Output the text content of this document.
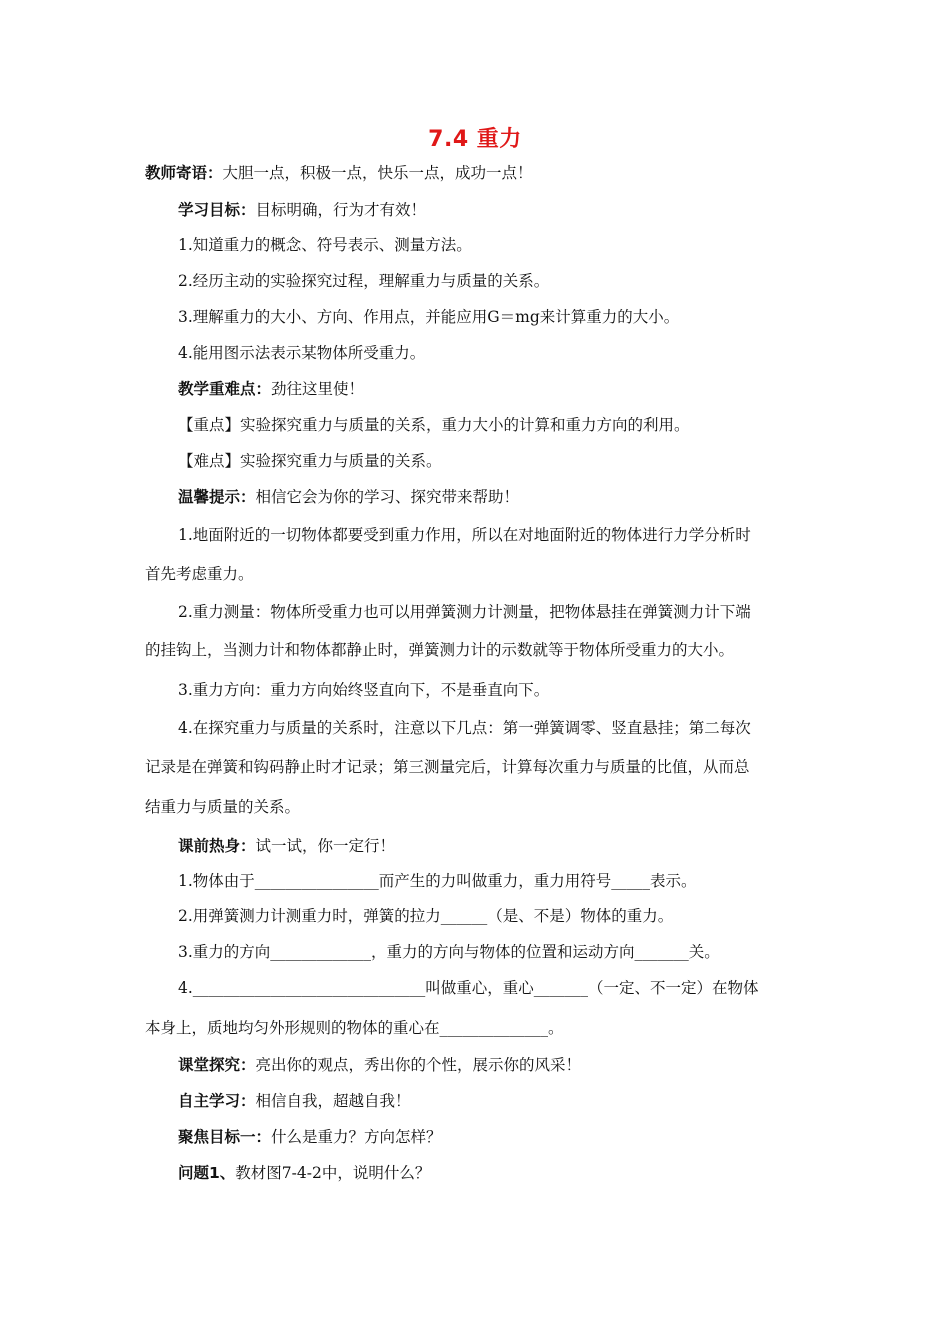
7.4 重力
教师寄语：大胆一点，积极一点，快乐一点，成功一点！
学习目标：目标明确，行为才有效！
1.知道重力的概念、符号表示、测量方法。
2.经历主动的实验探究过程，理解重力与质量的关系。
3.理解重力的大小、方向、作用点，并能应用G＝mg来计算重力的大小。
4.能用图示法表示某物体所受重力。
教学重难点：劲往这里使！
【重点】实验探究重力与质量的关系，重力大小的计算和重力方向的利用。
【难点】实验探究重力与质量的关系。
温馨提示：相信它会为你的学习、探究带来帮助！
1.地面附近的一切物体都要受到重力作用，所以在对地面附近的物体进行力学分析时
首先考虑重力。
2.重力测量：物体所受重力也可以用弹簧测力计测量，把物体悬挂在弹簧测力计下端
的挂钩上，当测力计和物体都静止时，弹簧测力计的示数就等于物体所受重力的大小。
3.重力方向：重力方向始终竖直向下，不是垂直向下。
4.在探究重力与质量的关系时，注意以下几点：第一弹簧调零、竖直悬挂；第二每次
记录是在弹簧和钩码静止时才记录；第三测量完后，计算每次重力与质量的比值，从而总
结重力与质量的关系。
课前热身：试一试，你一定行！
1.物体由于________________而产生的力叫做重力，重力用符号_____表示。
2.用弹簧测力计测重力时，弹簧的拉力______（是、不是）物体的重力。
3.重力的方向_____________，重力的方向与物体的位置和运动方向_______关。
4.______________________________叫做重心，重心_______（一定、不一定）在物体
本身上，质地均匀外形规则的物体的重心在______________。
课堂探究：亮出你的观点，秀出你的个性，展示你的风采！
自主学习：相信自我，超越自我！
聚焦目标一：什么是重力？方向怎样？
问题1、教材图7-4-2中，说明什么？
